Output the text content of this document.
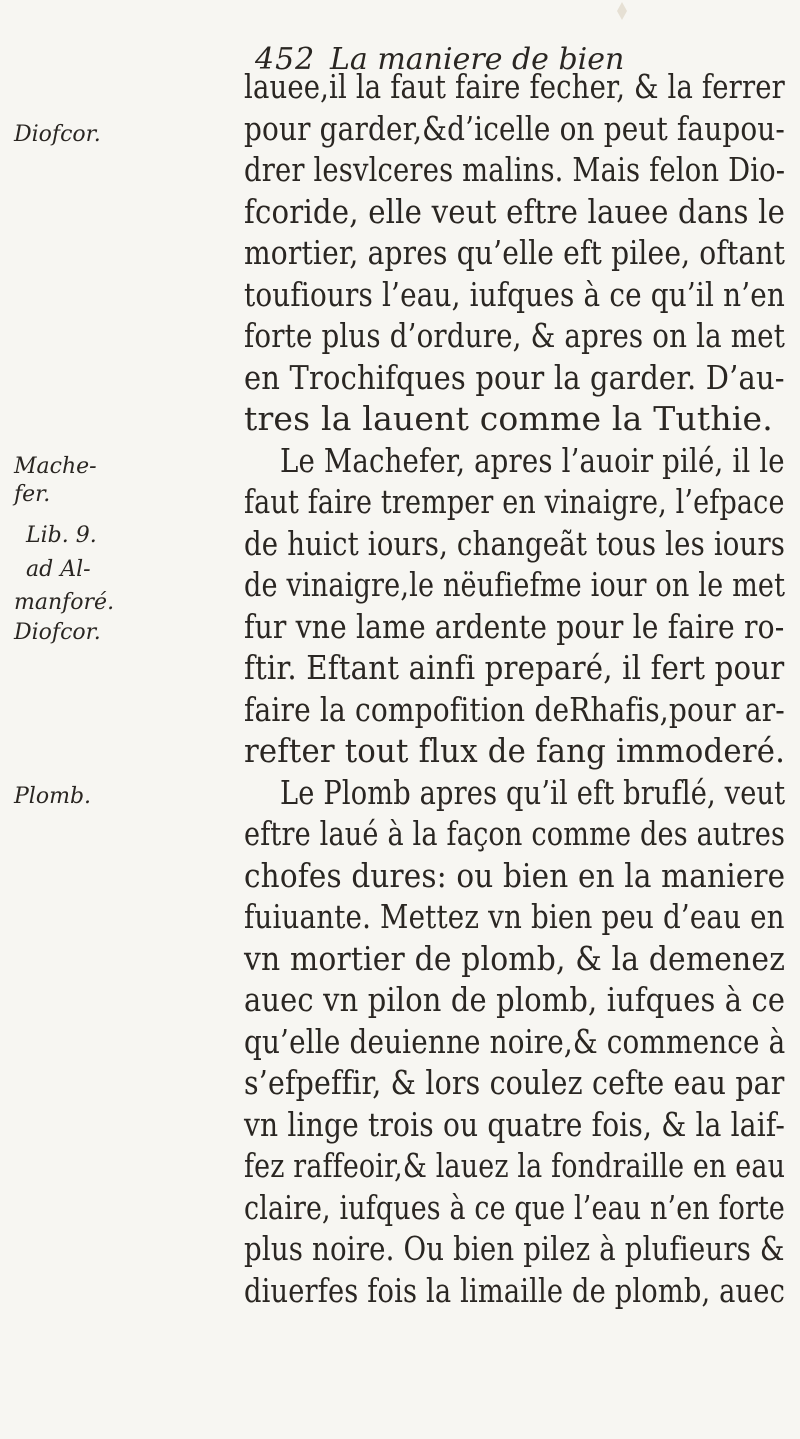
452 La maniere de bien
lauee,il la faut faire fecher, & la ferrer
pour garder,&d’icelle on peut faupou-
drer lesvlceres malins. Mais felon Dio-
fcoride, elle veut eftre lauee dans le
mortier, apres qu’elle eft pilee, oftant
toufiours l’eau, iufques à ce qu’il n’en
forte plus d’ordure, & apres on la met
en Trochifques pour la garder. D’au-
tres la lauent comme la Tuthie.
Le Machefer, apres l’auoir pilé, il le
faut faire tremper en vinaigre, l’efpace
de huict iours, changeãt tous les iours
de vinaigre,le nëufiefme iour on le met
fur vne lame ardente pour le faire ro-
ftir. Eftant ainfi preparé, il fert pour
faire la compofition deRhafis,pour ar-
refter tout flux de fang immoderé.
Le Plomb apres qu’il eft bruflé, veut
eftre laué à la façon comme des autres
chofes dures: ou bien en la maniere
fuiuante. Mettez vn bien peu d’eau en
vn mortier de plomb, & la demenez
auec vn pilon de plomb, iufques à ce
qu’elle deuienne noire,& commence à
s’efpeffir, & lors coulez cefte eau par
vn linge trois ou quatre fois, & la laif-
fez raffeoir,& lauez la fondraille en eau
claire, iufques à ce que l’eau n’en forte
plus noire. Ou bien pilez à plufieurs &
diuerfes fois la limaille de plomb, auec
Diofcor.
Mache-
fer.
Lib. 9.
ad Al-
manforé.
Diofcor.
Plomb.
